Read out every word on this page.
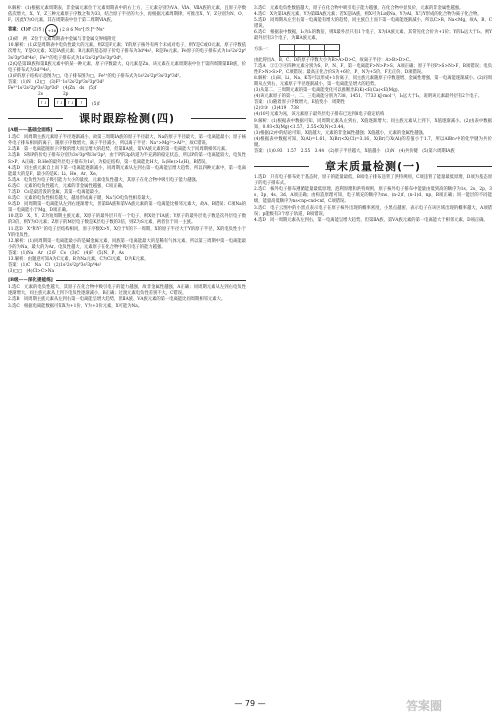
9.解析：(1)根据元素周期表，非金属元素位于元素周期表中的右上方，三元素分别为ⅤA、ⅥA、ⅦA族的元素，且原子序数依次增大，X、Y、Z三种元素原子序数之和为33，结合原子半径的大小，再根据元素周期律，可推出X、Y、Z分别为N、O、F，因此Y为O元素，其在周期表中位于第二周期ⅥA族。

答案：(1)F (2)S ( +16 ) 2 8 6 Na⁺[:S:]²⁻Na⁺

(3)碎　两　Z位于元素周期表中金属与非金属交界线附近

10.解析：(1)Z是周期表中电负性最大的元素，则Z是F元素；Y的原子核外有两个未成对电子，则Y是C或O元素，原子序数依次增大，Y是O元素；X是ⅠA族元素；R元素的基态原子价电子排布为3d⁶4s²，R是Fe元素。Fe原子的电子排布式为1s²2s²2p⁶3s²3p⁶3d⁶4s²，Fe²⁺的电子排布式为1s²2s²2p⁶3s²3p⁶3d⁶。

(2)Q是第ⅠB族和第Ⅱ族元素中的某一种元素，原子序数最大，Q元素是Zn，该元素在元素周期表中位于第四周期第ⅡB族，价电子排布式为3d¹⁰4s²。

(3)F的原子结构示意图为□，电子排布图为□，Fe³⁺的电子排布式为1s²2s²2p⁶3s²3p⁶3d⁵。

答案：(1)N　(2)□　(3)F²⁻1s²2s²2p⁶3s²3p⁶3d⁵

Fe³⁺1s²2s²2p⁶3s²3p⁶3d⁵　(4)Zn　ds　(5)f

2s	2p
↑↓	↑↓	↑↓	↑	(5)f
课时跟踪检测(四)
[A级——基础全面练]

1.选C　同周期主族元素原子半径逐渐减小，故第三周期ⅠA族的原子半径最大，Na的原子半径最大，第一电离能最小；原子核外电子排布相同的离子，随原子序数增大，离子半径减小，所以离子半径：Na⁺>Mg²⁺>Al³⁺，故C错误。

2.选B　第一电离能随原子序数的增大而呈增大的趋势，但第ⅡA族、第ⅤA族元素的第一电离能大于同周期相邻元素。

3.选B　S和P的价电子排布分别为3s²3p⁴和3s²3p³，由于P的3p轨道为半充满的稳定状态，所以P的第一电离能较大，电负性S>P，A正确；B.He的最外层电子排布为1s²，为稳定结构，第一电离能比H大，I₁(He)>I₁(H)，B错误。

4.选D　同主族元素自上而下第一电离能逐渐减小，同周期元素从左到右第一电离能呈增大趋势，所以四种元素中，第一电离能最大的是F，最小的是K；Li、He、Ar、Xe。

5.选A　电负性为电子吸引能力大小的量度，元素电负性越大，其原子在化合物中吸引电子能力越强。

6.选C　元素的电负性越大，元素的非金属性越强，C项正确。

7.选D　Cs是最活泼的金属，其第一电离能最小。

8.选C　元素的电负性相差越大，越易形成离子键，Na与O电负性相差最大。

9.选D　同周期第一电离能从左到右逐渐增大，但第ⅡA族和第ⅤA族元素的第一电离能比相邻元素大，故A、B错误；C项Na的第一电离能小于Mg，D项正确。

10.选D　X、Y、Z为短周期主族元素，X原子的最外层只有一个电子，则X处于ⅠA族；Y原子的最外层电子数是次外层电子数的3倍，则Y为O元素；Z原子的M层电子数是K层电子数的3倍，则Z为S元素，两者位于同一主族。

11.选D　X⁺和Y²⁻的电子层结构相同，原子序数X>Y，X位于Y的下一周期，X的原子半径大于Y的原子半径，X的电负性小于Y的电负性。

12.解析：(1)同周期第一电离能最小的是碱金属元素，同族第一电离能最大的是稀有气体元素，所以第三周期中第一电离能最小的为Na，最大的为Ar。电负性越大，元素原子在化合物中吸引电子的能力越强。

答案：(1)Na　Ar　(2)F　Cs　(3)C　(4)F　(5)N、P、As

13.解析：由题意可知A为C元素，B为Na元素，C为Cl元素，D为K元素。

答案：(1)C　Na　Cl　(2)1s²2s²2p⁶3s²3p⁶4s¹

(3)□□　(4)Cl>C>Na

[B级——深化提能练]

1.选C　元素的电负性越大，其原子在化合物中吸引电子的能力越强，故非金属性越强，A正确；同周期元素从左到右电负性逐渐增大，同主族元素从上到下电负性逐渐减小，B正确；过渡元素电负性差别不大，C错误。

2.选B　同周期主族元素从左到右第一电离能呈增大趋势，但ⅡA族、ⅤA族元素的第一电离能比同周期相邻元素大。

3.选C　根据电离能数据可知X为+1价、Y为+3价元素，X可能为Na。

3.选C　元素电负性数值越大，原子在化合物中吸引电子能力越强，在化合物中显负价，元素的非金属性越强。

4.选C　X为第ⅠA族元素，Y为第ⅢA族元素；若X是ⅠA族，则X可为Li或Na，Y为Al，X与Y形成的化合物为离子化合物。

5.选D　同周期从左至右第一电离能有增大的趋势，同主族自上而下第一电离能逐渐减小，所以C>B，Na<Mg，故A、B、C错误。

6.选C　根据表中数据，I₂为I₁的数倍，则X最外层只有1个电子，X为ⅠA族元素，其常见化合价为+1价；Y的I₄远大于I₃，则Y最外层有3个电子，为ⅢA族元素。

方法一：

由此得出A、B、C、D的原子序数大小为B>A>D>C，故离子半径：A>B>D>C。

7.选A　①②③④四种元素分别为S、P、N、F，第一电离能F>N>P>S，A项正确；原子半径P>S>N>F，B项错误；电负性F>N>S>P，C项错误；最高正化合价S为+6价，P、N为+5价，F无正价，D项错误。

8.解析：(1)H、Li、Na、K等可以形成+1价离子，同主族元素随原子序数递增，金属性增强，第一电离能逐渐减小。(2)同周期从左到右，元素原子半径逐渐减小，第一电离能呈增大的趋势。

(3)从第二、三周期元素的第一电离能变化可以推断出E(K)<E(Ca)<E(Mg)。

(4)该元素原子的第一、二、三电离能分别为738、1451、7733 kJ·mol⁻¹，I₃远大于I₂，说明该元素最外层有2个电子。

答案：(1)随着原子序数增大，E值变小　周期性

(2)①③　(3)419　738

(4)10号元素为氖，该元素原子最外层电子排布已达到8电子稳定结构

9.解析：(1)根据表中数据可知，同周期元素从左到右，X值逐渐增大；同主族元素从上到下，X值逐渐减小。(2)由表中数据知，0.93<X(Mg)<1.57，2.55<X(N)<3.44。

(3)根据(2)中的结论可知，X值越大，元素的非金属性越强；X值越小，元素的金属性越强。

(4)根据表中数据可知，X(Al)=1.61，X(Br)<X(Cl)=3.16，X(Br)与X(Al)的差值小于1.7，所以AlBr₃中的化学键为共价键。

答案：(1)0.93　1.57　2.55　3.44　(2)原子半径越大，X值越小　(3)N　(4)共价键　(5)第六周期ⅠA族

章末质量检测(一)

1.选D　只有电子排布处于基态时，原子的能量最低，B项电子排布违背了洪特规则，C项违背了能量最低原理，D项为基态原子的电子排布式。

2.选C　核外电子排布遵循能量最低原理、泡利原理和洪特规则，原子核外电子排布中能量由低到高的顺序为1s、2s、2p、3s、3p、4s、3d，A项正确；由构造原理可知，电子填充的顺序为ns、(n-2)f、(n-1)d、np，B项正确；同一能层的不同能级，能量高低顺序为ns<np<nd<nf，C项错误。

3.选C　电子云图中的小黑点表示电子在原子核外出现的概率密度，小黑点越密，表示电子在该区域出现的概率越大，A项错误；p能级有3个原子轨道，B项错误。

4.选D　同一周期元素从左到右，第一电离能呈增大趋势，但第ⅡA族、第ⅤA族元素的第一电离能大于相邻元素，D项正确。

— 79 —	答案圈
